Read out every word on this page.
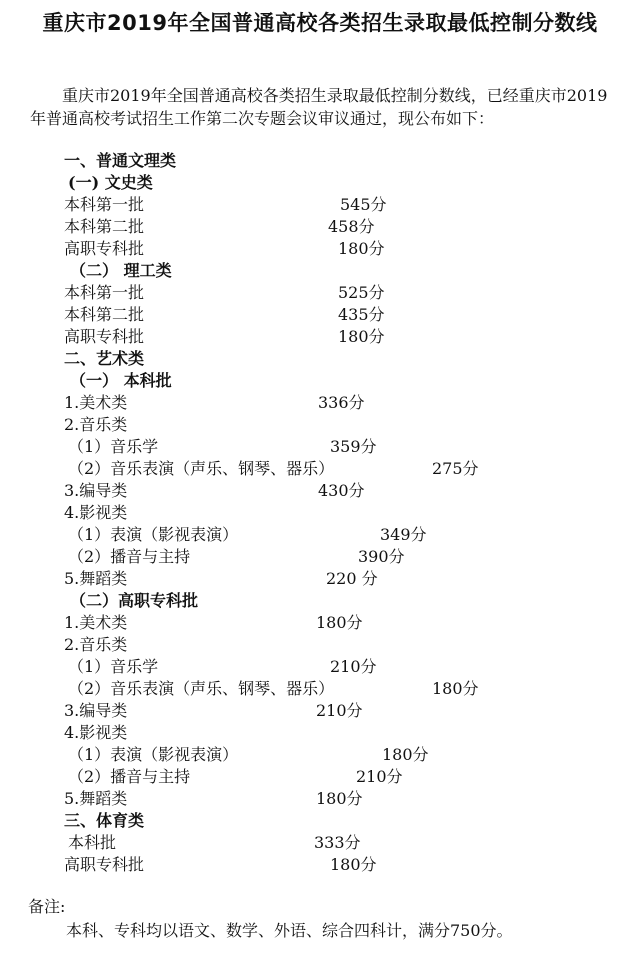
重庆市2019年全国普通高校各类招生录取最低控制分数线
重庆市2019年全国普通高校各类招生录取最低控制分数线，已经重庆市2019年普通高校考试招生工作第二次专题会议审议通过，现公布如下：
一、普通文理类
(一) 文史类
本科第一批	545分
本科第二批	458分
高职专科批	180分
（二） 理工类
本科第一批	525分
本科第二批	435分
高职专科批	180分
二、艺术类
（一） 本科批
1.美术类	336分
2.音乐类
（1）音乐学	359分
（2）音乐表演（声乐、钢琴、器乐）	275分
3.编导类	430分
4.影视类
（1）表演（影视表演）	349分
（2）播音与主持	390分
5.舞蹈类	220 分
（二）高职专科批
1.美术类	180分
2.音乐类
（1）音乐学	210分
（2）音乐表演（声乐、钢琴、器乐）	180分
3.编导类	210分
4.影视类
（1）表演（影视表演）	180分
（2）播音与主持	210分
5.舞蹈类	180分
三、体育类
本科批	333分
高职专科批	180分
备注:
本科、专科均以语文、数学、外语、综合四科计，满分750分。
